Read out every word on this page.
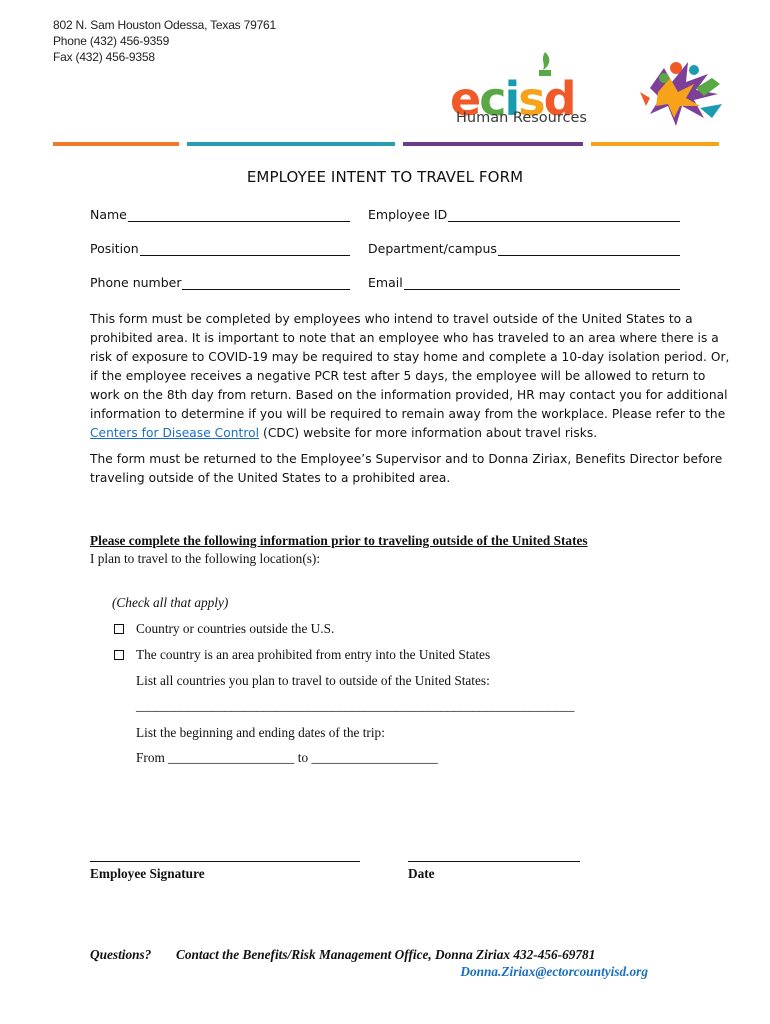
802 N. Sam Houston Odessa, Texas 79761
Phone (432) 456-9359
Fax (432) 456-9358
ecisd
Human Resources
EMPLOYEE INTENT TO TRAVEL FORM
Name	Employee ID
Position	Department/campus
Phone number	Email
This form must be completed by employees who intend to travel outside of the United States to a prohibited area. It is important to note that an employee who has traveled to an area where there is a risk of exposure to COVID-19 may be required to stay home and complete a 10-day isolation period. Or, if the employee receives a negative PCR test after 5 days, the employee will be allowed to return to work on the 8th day from return. Based on the information provided, HR may contact you for additional information to determine if you will be required to remain away from the workplace. Please refer to the Centers for Disease Control (CDC) website for more information about travel risks.
The form must be returned to the Employee’s Supervisor and to Donna Ziriax, Benefits Director before traveling outside of the United States to a prohibited area.
Please complete the following information prior to traveling outside of the United States
I plan to travel to the following location(s):
(Check all that apply)
Country or countries outside the U.S.
The country is an area prohibited from entry into the United States
List all countries you plan to travel to outside of the United States:
_____________________________________________________________________
List the beginning and ending dates of the trip:
From ___________________ to ___________________
Employee Signature	Date
Questions? Contact the Benefits/Risk Management Office, Donna Ziriax 432-456-69781
Donna.Ziriax@ectorcountyisd.org
